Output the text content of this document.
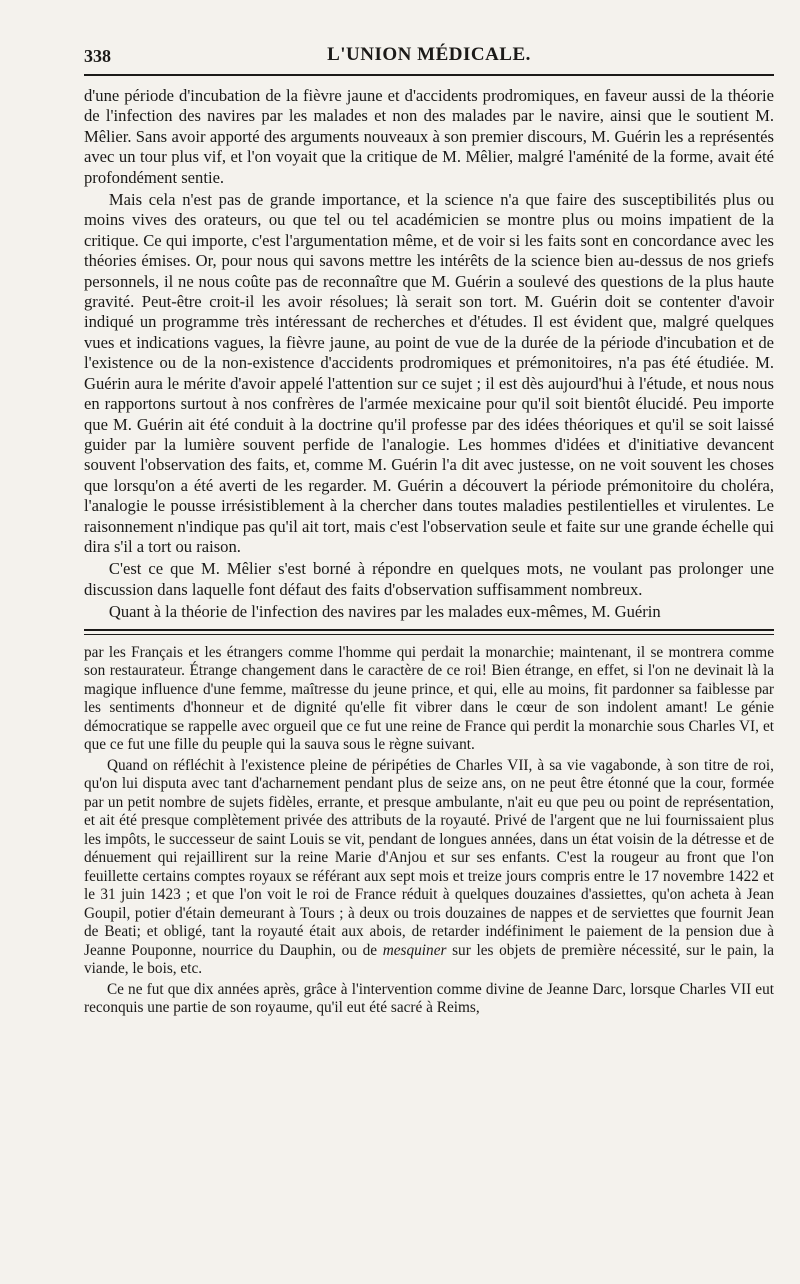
338	L'UNION MÉDICALE.

d'une période d'incubation de la fièvre jaune et d'accidents prodromiques, en faveur aussi de la théorie de l'infection des navires par les malades et non des malades par le navire, ainsi que le soutient M. Mêlier. Sans avoir apporté des arguments nouveaux à son premier discours, M. Guérin les a représentés avec un tour plus vif, et l'on voyait que la critique de M. Mêlier, malgré l'aménité de la forme, avait été profondément sentie.

Mais cela n'est pas de grande importance, et la science n'a que faire des susceptibilités plus ou moins vives des orateurs, ou que tel ou tel académicien se montre plus ou moins impatient de la critique. Ce qui importe, c'est l'argumentation même, et de voir si les faits sont en concordance avec les théories émises. Or, pour nous qui savons mettre les intérêts de la science bien au-dessus de nos griefs personnels, il ne nous coûte pas de reconnaître que M. Guérin a soulevé des questions de la plus haute gravité. Peut-être croit-il les avoir résolues; là serait son tort. M. Guérin doit se contenter d'avoir indiqué un programme très intéressant de recherches et d'études. Il est évident que, malgré quelques vues et indications vagues, la fièvre jaune, au point de vue de la durée de la période d'incubation et de l'existence ou de la non-existence d'accidents prodromiques et prémonitoires, n'a pas été étudiée. M. Guérin aura le mérite d'avoir appelé l'attention sur ce sujet ; il est dès aujourd'hui à l'étude, et nous nous en rapportons surtout à nos confrères de l'armée mexicaine pour qu'il soit bientôt élucidé. Peu importe que M. Guérin ait été conduit à la doctrine qu'il professe par des idées théoriques et qu'il se soit laissé guider par la lumière souvent perfide de l'analogie. Les hommes d'idées et d'initiative devancent souvent l'observation des faits, et, comme M. Guérin l'a dit avec justesse, on ne voit souvent les choses que lorsqu'on a été averti de les regarder. M. Guérin a découvert la période prémonitoire du choléra, l'analogie le pousse irrésistiblement à la chercher dans toutes maladies pestilentielles et virulentes. Le raisonnement n'indique pas qu'il ait tort, mais c'est l'observation seule et faite sur une grande échelle qui dira s'il a tort ou raison.

C'est ce que M. Mêlier s'est borné à répondre en quelques mots, ne voulant pas prolonger une discussion dans laquelle font défaut des faits d'observation suffisamment nombreux.

Quant à la théorie de l'infection des navires par les malades eux-mêmes, M. Guérin

par les Français et les étrangers comme l'homme qui perdait la monarchie; maintenant, il se montrera comme son restaurateur. Étrange changement dans le caractère de ce roi! Bien étrange, en effet, si l'on ne devinait là la magique influence d'une femme, maîtresse du jeune prince, et qui, elle au moins, fit pardonner sa faiblesse par les sentiments d'honneur et de dignité qu'elle fit vibrer dans le cœur de son indolent amant! Le génie démocratique se rappelle avec orgueil que ce fut une reine de France qui perdit la monarchie sous Charles VI, et que ce fut une fille du peuple qui la sauva sous le règne suivant.

Quand on réfléchit à l'existence pleine de péripéties de Charles VII, à sa vie vagabonde, à son titre de roi, qu'on lui disputa avec tant d'acharnement pendant plus de seize ans, on ne peut être étonné que la cour, formée par un petit nombre de sujets fidèles, errante, et presque ambulante, n'ait eu que peu ou point de représentation, et ait été presque complètement privée des attributs de la royauté. Privé de l'argent que ne lui fournissaient plus les impôts, le successeur de saint Louis se vit, pendant de longues années, dans un état voisin de la détresse et de dénuement qui rejaillirent sur la reine Marie d'Anjou et sur ses enfants. C'est la rougeur au front que l'on feuillette certains comptes royaux se référant aux sept mois et treize jours compris entre le 17 novembre 1422 et le 31 juin 1423 ; et que l'on voit le roi de France réduit à quelques douzaines d'assiettes, qu'on acheta à Jean Goupil, potier d'étain demeurant à Tours ; à deux ou trois douzaines de nappes et de serviettes que fournit Jean de Beati; et obligé, tant la royauté était aux abois, de retarder indéfiniment le paiement de la pension due à Jeanne Pouponne, nourrice du Dauphin, ou de mesquiner sur les objets de première nécessité, sur le pain, la viande, le bois, etc.

Ce ne fut que dix années après, grâce à l'intervention comme divine de Jeanne Darc, lorsque Charles VII eut reconquis une partie de son royaume, qu'il eut été sacré à Reims,
